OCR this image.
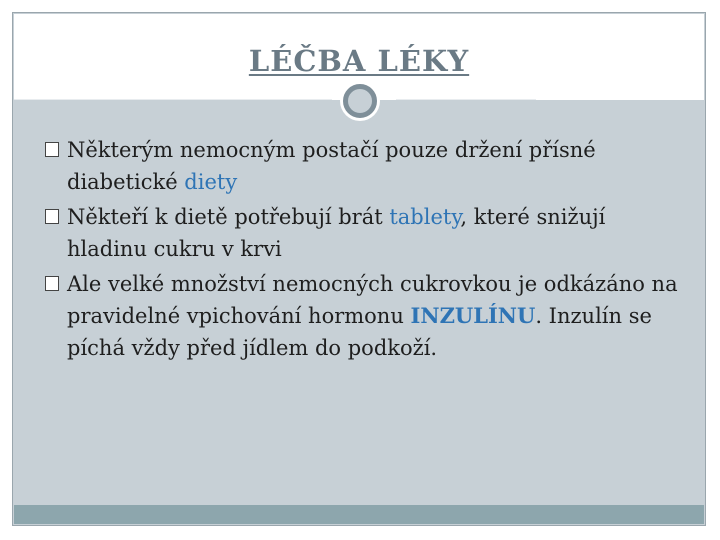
LÉČBA LÉKY
Některým nemocným postačí pouze držení přísné diabetické diety
Někteří k dietě potřebují brát tablety, které snižují hladinu cukru v krvi
Ale velké množství nemocných cukrovkou je odkázáno na pravidelné vpichování hormonu INZULÍNU. Inzulín se píchá vždy před jídlem do podkoží.
